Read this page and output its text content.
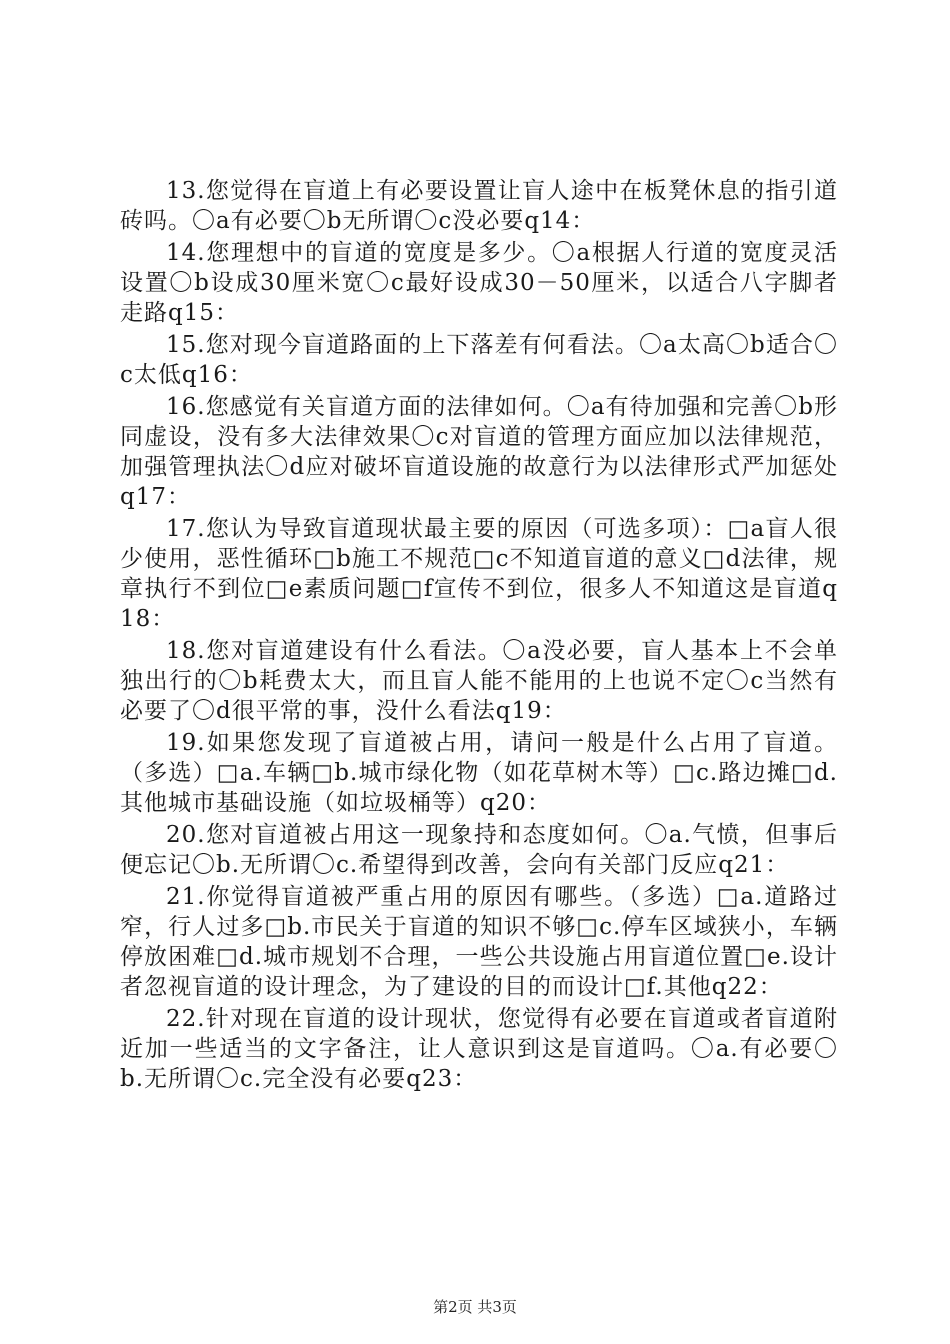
13.您觉得在盲道上有必要设置让盲人途中在板凳休息的指引道砖吗。〇a有必要〇b无所谓〇c没必要q14：

14.您理想中的盲道的宽度是多少。〇a根据人行道的宽度灵活设置〇b设成30厘米宽〇c最好设成30－50厘米，以适合八字脚者走路q15：

15.您对现今盲道路面的上下落差有何看法。〇a太高〇b适合〇c太低q16：

16.您感觉有关盲道方面的法律如何。〇a有待加强和完善〇b形同虚设，没有多大法律效果〇c对盲道的管理方面应加以法律规范，加强管理执法〇d应对破坏盲道设施的故意行为以法律形式严加惩处q17：

17.您认为导致盲道现状最主要的原因（可选多项）：□a盲人很少使用，恶性循环□b施工不规范□c不知道盲道的意义□d法律，规章执行不到位□e素质问题□f宣传不到位，很多人不知道这是盲道q18：

18.您对盲道建设有什么看法。〇a没必要，盲人基本上不会单独出行的〇b耗费太大，而且盲人能不能用的上也说不定〇c当然有必要了〇d很平常的事，没什么看法q19：

19.如果您发现了盲道被占用，请问一般是什么占用了盲道。（多选）□a.车辆□b.城市绿化物（如花草树木等）□c.路边摊□d.其他城市基础设施（如垃圾桶等）q20：

20.您对盲道被占用这一现象持和态度如何。〇a.气愤，但事后便忘记〇b.无所谓〇c.希望得到改善，会向有关部门反应q21：

21.你觉得盲道被严重占用的原因有哪些。（多选）□a.道路过窄，行人过多□b.市民关于盲道的知识不够□c.停车区域狭小，车辆停放困难□d.城市规划不合理，一些公共设施占用盲道位置□e.设计者忽视盲道的设计理念，为了建设的目的而设计□f.其他q22：

22.针对现在盲道的设计现状，您觉得有必要在盲道或者盲道附近加一些适当的文字备注，让人意识到这是盲道吗。〇a.有必要〇b.无所谓〇c.完全没有必要q23：

第2页 共3页
